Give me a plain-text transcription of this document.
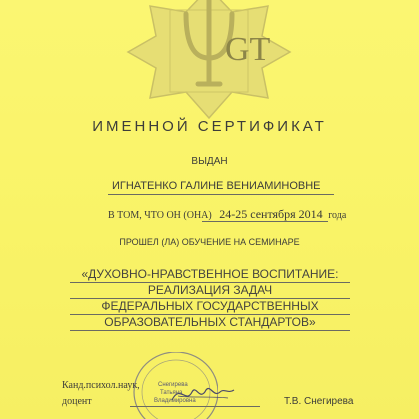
GT
ИМЕННОЙ СЕРТИФИКАТ
ВЫДАН
ИГНАТЕНКО ГАЛИНЕ ВЕНИАМИНОВНЕ
В ТОМ, ЧТО ОН (ОНА) 24-25 сентября 2014 года
ПРОШЕЛ (ЛА) ОБУЧЕНИЕ НА СЕМИНАРЕ
«ДУХОВНО-НРАВСТВЕННОЕ ВОСПИТАНИЕ:
РЕАЛИЗАЦИЯ ЗАДАЧ
ФЕДЕРАЛЬНЫХ ГОСУДАРСТВЕННЫХ
ОБРАЗОВАТЕЛЬНЫХ СТАНДАРТОВ»
Снегирева
Татьяна
Владимировна
Канд.психол.наук,
доцент	Т.В. Снегирева
